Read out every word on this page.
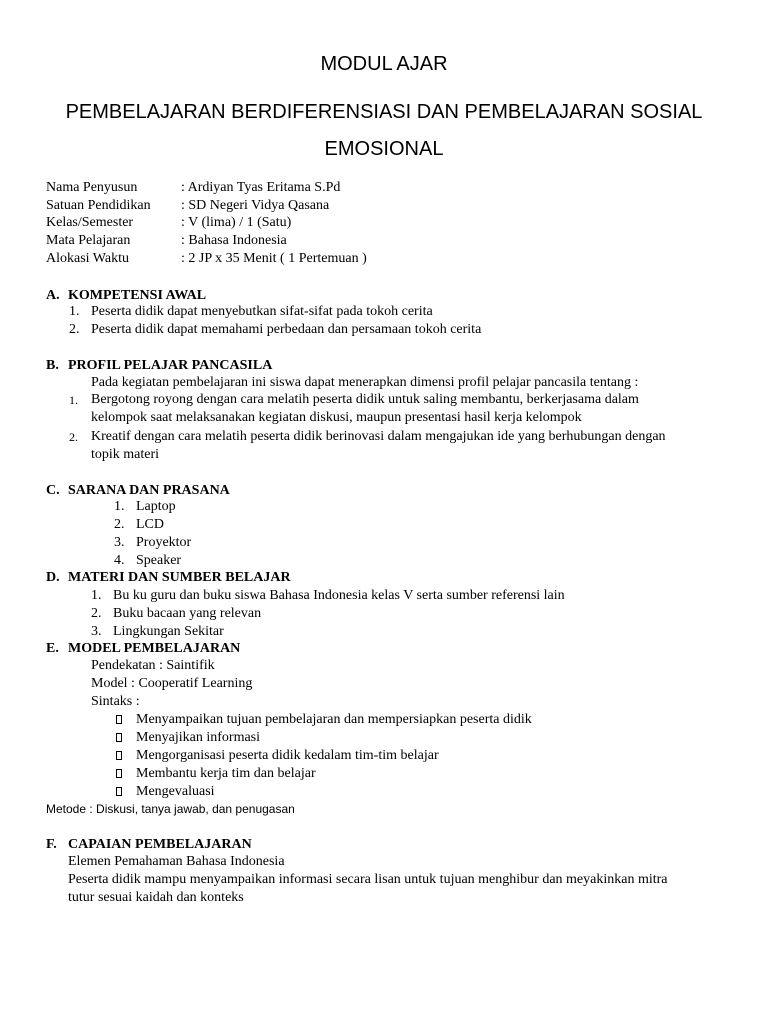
MODUL AJAR
PEMBELAJARAN BERDIFERENSIASI DAN PEMBELAJARAN SOSIAL
EMOSIONAL
Nama Penyusun	: Ardiyan Tyas Eritama S.Pd
Satuan Pendidikan : SD Negeri Vidya Qasana
Kelas/Semester	: V (lima) / 1 (Satu)
Mata Pelajaran	: Bahasa Indonesia
Alokasi Waktu	: 2 JP x 35 Menit ( 1 Pertemuan )
A. KOMPETENSI AWAL
1. Peserta didik dapat menyebutkan sifat-sifat pada tokoh cerita
2. Peserta didik dapat memahami perbedaan dan persamaan tokoh cerita
B. PROFIL PELAJAR PANCASILA
Pada kegiatan pembelajaran ini siswa dapat menerapkan dimensi profil pelajar pancasila tentang :
1. Bergotong royong dengan cara melatih peserta didik untuk saling membantu, berkerjasama dalam
kelompok saat melaksanakan kegiatan diskusi, maupun presentasi hasil kerja kelompok
2. Kreatif dengan cara melatih peserta didik berinovasi dalam mengajukan ide yang berhubungan dengan
topik materi
C. SARANA DAN PRASANA
1. Laptop
2. LCD
3. Proyektor
4. Speaker
D. MATERI DAN SUMBER BELAJAR
1. Bu ku guru dan buku siswa Bahasa Indonesia kelas V serta sumber referensi lain
2. Buku bacaan yang relevan
3. Lingkungan Sekitar
E. MODEL PEMBELAJARAN
Pendekatan : Saintifik
Model : Cooperatif Learning
Sintaks :
Menyampaikan tujuan pembelajaran dan mempersiapkan peserta didik
Menyajikan informasi
Mengorganisasi peserta didik kedalam tim-tim belajar
Membantu kerja tim dan belajar
Mengevaluasi
Metode : Diskusi, tanya jawab, dan penugasan
F. CAPAIAN PEMBELAJARAN
Elemen Pemahaman Bahasa Indonesia
Peserta didik mampu menyampaikan informasi secara lisan untuk tujuan menghibur dan meyakinkan mitra
tutur sesuai kaidah dan konteks
